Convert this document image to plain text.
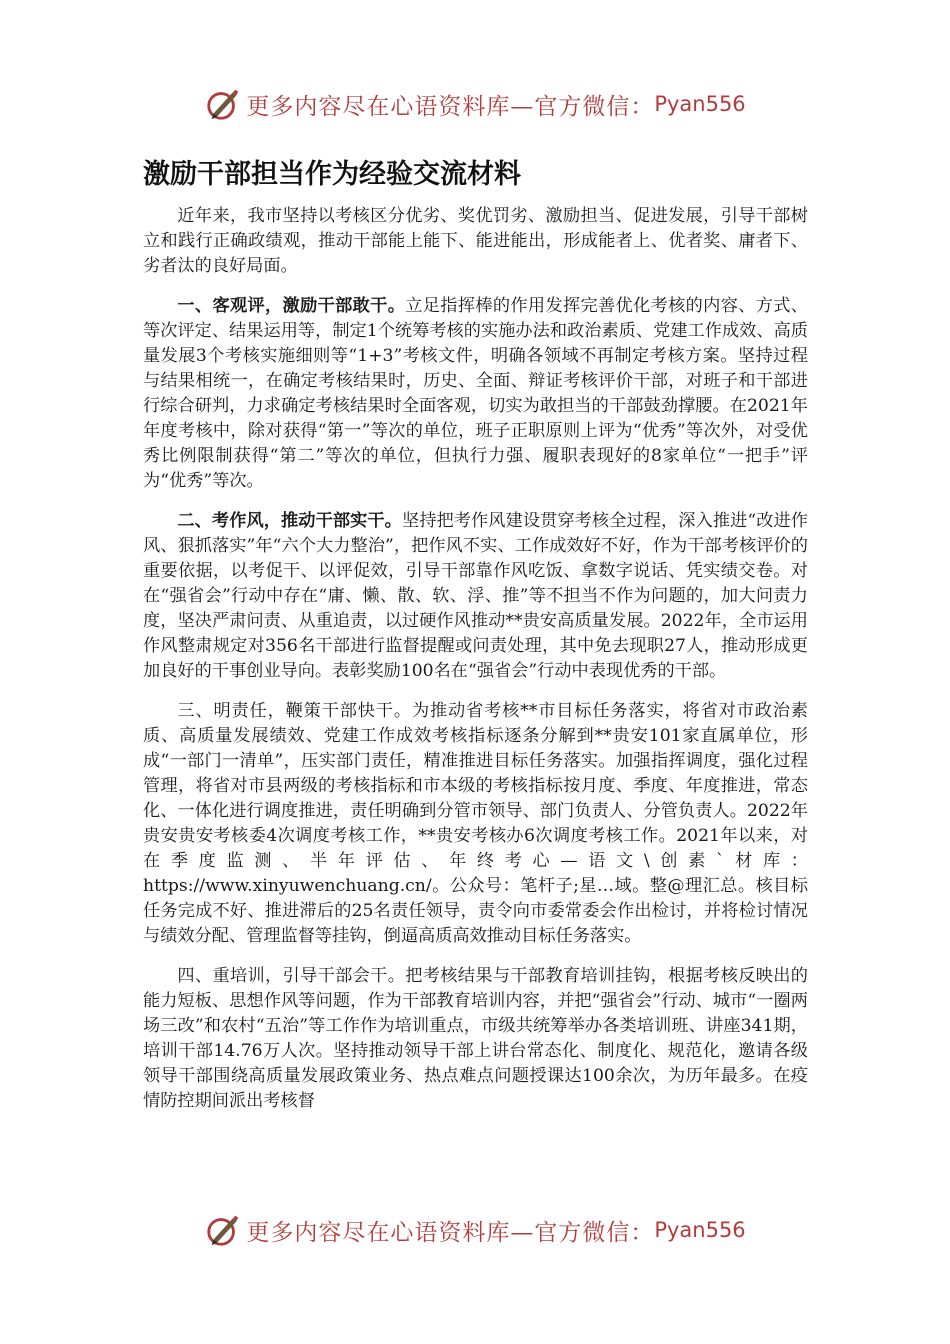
更多内容尽在心语资料库—官方微信： Pyan556
激励干部担当作为经验交流材料

近年来，我市坚持以考核区分优劣、奖优罚劣、激励担当、促进发展，引导干部树立和践行正确政绩观，推动干部能上能下、能进能出，形成能者上、优者奖、庸者下、劣者汰的良好局面。

一、客观评，激励干部敢干。立足指挥棒的作用发挥完善优化考核的内容、方式、等次评定、结果运用等，制定1个统筹考核的实施办法和政治素质、党建工作成效、高质量发展3个考核实施细则等“1+3”考核文件，明确各领域不再制定考核方案。坚持过程与结果相统一，在确定考核结果时，历史、全面、辩证考核评价干部，对班子和干部进行综合研判，力求确定考核结果时全面客观，切实为敢担当的干部鼓劲撑腰。在2021年年度考核中，除对获得“第一”等次的单位，班子正职原则上评为“优秀”等次外，对受优秀比例限制获得“第二”等次的单位，但执行力强、履职表现好的8家单位“一把手”评为“优秀”等次。

二、考作风，推动干部实干。坚持把考作风建设贯穿考核全过程，深入推进“改进作风、狠抓落实”年“六个大力整治”，把作风不实、工作成效好不好，作为干部考核评价的重要依据，以考促干、以评促效，引导干部靠作风吃饭、拿数字说话、凭实绩交卷。对在“强省会”行动中存在“庸、懒、散、软、浮、推”等不担当不作为问题的，加大问责力度，坚决严肃问责、从重追责，以过硬作风推动**贵安高质量发展。2022年，全市运用作风整肃规定对356名干部进行监督提醒或问责处理，其中免去现职27人，推动形成更加良好的干事创业导向。表彰奖励100名在“强省会”行动中表现优秀的干部。

三、明责任，鞭策干部快干。为推动省考核**市目标任务落实，将省对市政治素质、高质量发展绩效、党建工作成效考核指标逐条分解到**贵安101家直属单位，形成“一部门一清单”，压实部门责任，精准推进目标任务落实。加强指挥调度，强化过程管理，将省对市县两级的考核指标和市本级的考核指标按月度、季度、年度推进，常态化、一体化进行调度推进，责任明确到分管市领导、部门负责人、分管负责人。2022年贵安贵安考核委4次调度考核工作，**贵安考核办6次调度考核工作。2021年以来，对在季度监测、半年评估、年终考心—语文\创素`材库：https://www.xinyuwenchuang.cn/。公众号：笔杆子;星…域。整@理汇总。核目标任务完成不好、推进滞后的25名责任领导，责令向市委常委会作出检讨，并将检讨情况与绩效分配、管理监督等挂钩，倒逼高质高效推动目标任务落实。

四、重培训，引导干部会干。把考核结果与干部教育培训挂钩，根据考核反映出的能力短板、思想作风等问题，作为干部教育培训内容，并把“强省会”行动、城市“一圈两场三改”和农村“五治”等工作作为培训重点，市级共统筹举办各类培训班、讲座341期，培训干部14.76万人次。坚持推动领导干部上讲台常态化、制度化、规范化，邀请各级领导干部围绕高质量发展政策业务、热点难点问题授课达100余次，为历年最多。在疫情防控期间派出考核督

更多内容尽在心语资料库—官方微信： Pyan556
